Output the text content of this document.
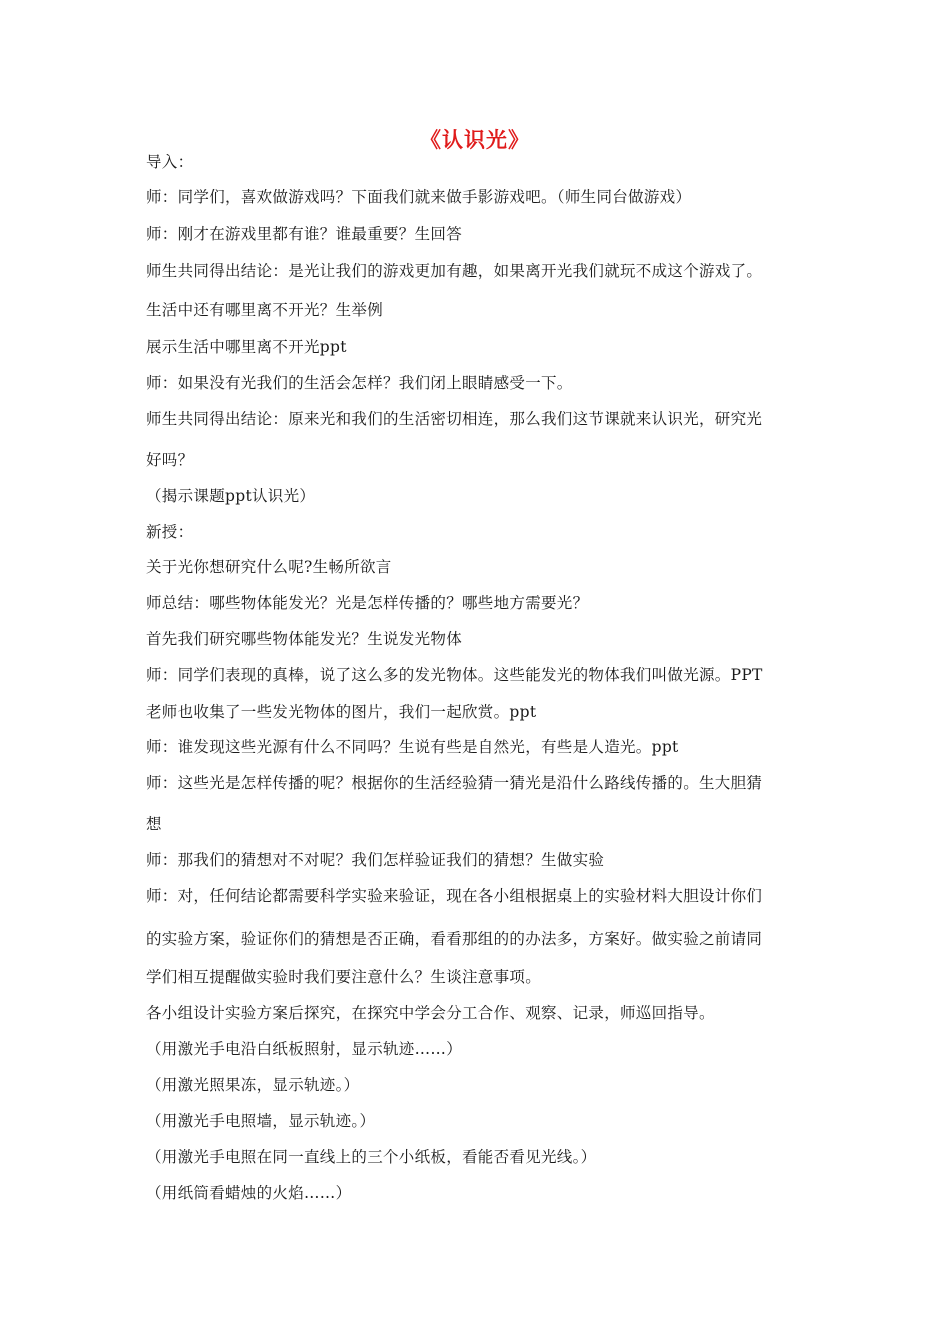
《认识光》
导入：
师：同学们，喜欢做游戏吗？下面我们就来做手影游戏吧。（师生同台做游戏）
师：刚才在游戏里都有谁？谁最重要？生回答
师生共同得出结论：是光让我们的游戏更加有趣，如果离开光我们就玩不成这个游戏了。
生活中还有哪里离不开光？生举例
展示生活中哪里离不开光ppt
师：如果没有光我们的生活会怎样？我们闭上眼睛感受一下。
师生共同得出结论：原来光和我们的生活密切相连，那么我们这节课就来认识光，研究光
好吗？
（揭示课题ppt认识光）
新授：
关于光你想研究什么呢?生畅所欲言
师总结：哪些物体能发光？光是怎样传播的？哪些地方需要光？
首先我们研究哪些物体能发光？生说发光物体
师：同学们表现的真棒，说了这么多的发光物体。这些能发光的物体我们叫做光源。PPT
老师也收集了一些发光物体的图片，我们一起欣赏。ppt
师：谁发现这些光源有什么不同吗？生说有些是自然光，有些是人造光。ppt
师：这些光是怎样传播的呢？根据你的生活经验猜一猜光是沿什么路线传播的。生大胆猜
想
师：那我们的猜想对不对呢？我们怎样验证我们的猜想？生做实验
师：对，任何结论都需要科学实验来验证，现在各小组根据桌上的实验材料大胆设计你们
的实验方案，验证你们的猜想是否正确，看看那组的的办法多，方案好。做实验之前请同
学们相互提醒做实验时我们要注意什么？生谈注意事项。
各小组设计实验方案后探究，在探究中学会分工合作、观察、记录，师巡回指导。
（用激光手电沿白纸板照射，显示轨迹……）
（用激光照果冻，显示轨迹。）
（用激光手电照墙，显示轨迹。）
（用激光手电照在同一直线上的三个小纸板，看能否看见光线。）
（用纸筒看蜡烛的火焰……）
